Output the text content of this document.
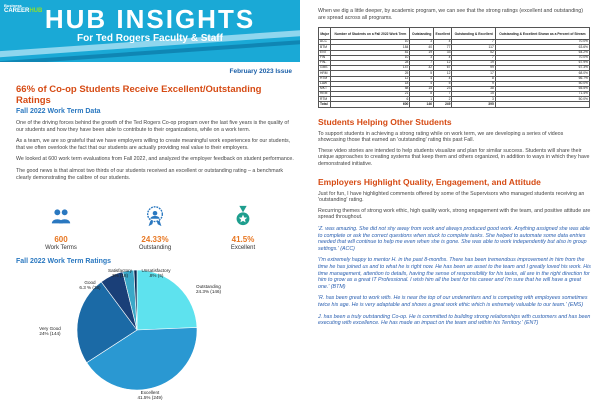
Business
CAREERHUB HUB INSIGHTS
For Ted Rogers Faculty & Staff
February 2023 Issue
66% of Co-op Students Receive Excellent/Outstanding Ratings
Fall 2022 Work Term Data

One of the driving forces behind the growth of the Ted Rogers Co-op program over the last five years is the quality of our students and how they have been able to contribute to their organizations, while on a work term.

As a team, we are so grateful that we have employers willing to create meaningful work experiences for our students, that we often overlook the fact that our students are actually providing real value to their employers.

We looked at 600 work term evaluations from Fall 2022, and analyzed the employer feedback on student performance.

The good news is that almost two thirds of our students received an excellent or outstanding rating – a benchmark clearly demonstrating the calibre of our students.

600
Work Terms
24.33%
Outstanding
41.5%
Excellent
Fall 2022 Work Term Ratings
Outstanding 24.3% (146)
Excellent 41.5% (249)
Very Good 24% (144)
Good 6.3 % (38)
Satisfactory 3% (18)
Unsatisfactory .8% (5)

When we dig a little deeper, by academic program, we can see that the strong ratings (excellent and outstanding) are spread across all programs.

Major	Number of Students on a Fall 2022 Work Term	Outstanding	Excellent	Outstanding & Excellent	Outstanding & Excellent Shown as a Percent of Stream
ACC	10	3	4	7	70.0%
BTM	184	40	77	117	63.6%
ENT	81	19	33	52	64.2%
FIN	10	3	4	7	70.0%
FIN-	28	7	12	19	67.9%
GMS	147	32	67	99	67.3%
HRM	25	5	12	17	68.0%
HTM	12	4	4	8	66.7%
LAW	18	4	5	9	50.0%
MKT	58	15	23	38	65.5%
REM	21	8	7	15	71.4%
RTM	6	1	2	3	50.0%
Total	600	146	249	395	
Students Helping Other Students

To support students in achieving a strong rating while on work term, we are developing a series of videos showcasing those that earned an 'outstanding' rating this past Fall.

These video stories are intended to help students visualize and plan for similar success. Students will share their unique approaches to creating systems that keep them and others organized, in addition to ways in which they have demonstrated initiative.

Employers Highlight Quality, Engagement, and Attitude

Just for fun, I have highlighted comments offered by some of the Supervisors who managed students receiving an 'outstanding' rating.

Recurring themes of strong work ethic, high quality work, strong engagement with the team, and positive attitude are spread throughout.

'Z. was amazing. She did not shy away from work and always produced good work. Anything assigned she was able to complete or ask the correct questions when stuck to complete tasks. She helped to automate some data entries needed that will continue to help me even when she is gone. She was able to work independently but also in group settings.' (ACC)

'I'm extremely happy to mentor H. in the past 8-months. There has been tremendous improvement in him from the time he has joined us and to what he is right now. He has been an asset to the team and I greatly loved his work. His time management, attention to details, having the sense of responsibility for his tasks, all are in the right direction for him to grow as a great IT Professional. I wish him all the best for his career and I'm sure that he will have a great one.' (BTM)

'R. has been great to work with. He is near the top of our underwriters and is competing with employees sometimes twice his age. He is very adaptable and shows a great work ethic which is extremely valuable to our team.' (EMS)

J. has been a truly outstanding Co-op. He is committed to building strong relationships with customers and has been executing with excellence. He has made an impact on the team and within his Territory.' (ENT)
